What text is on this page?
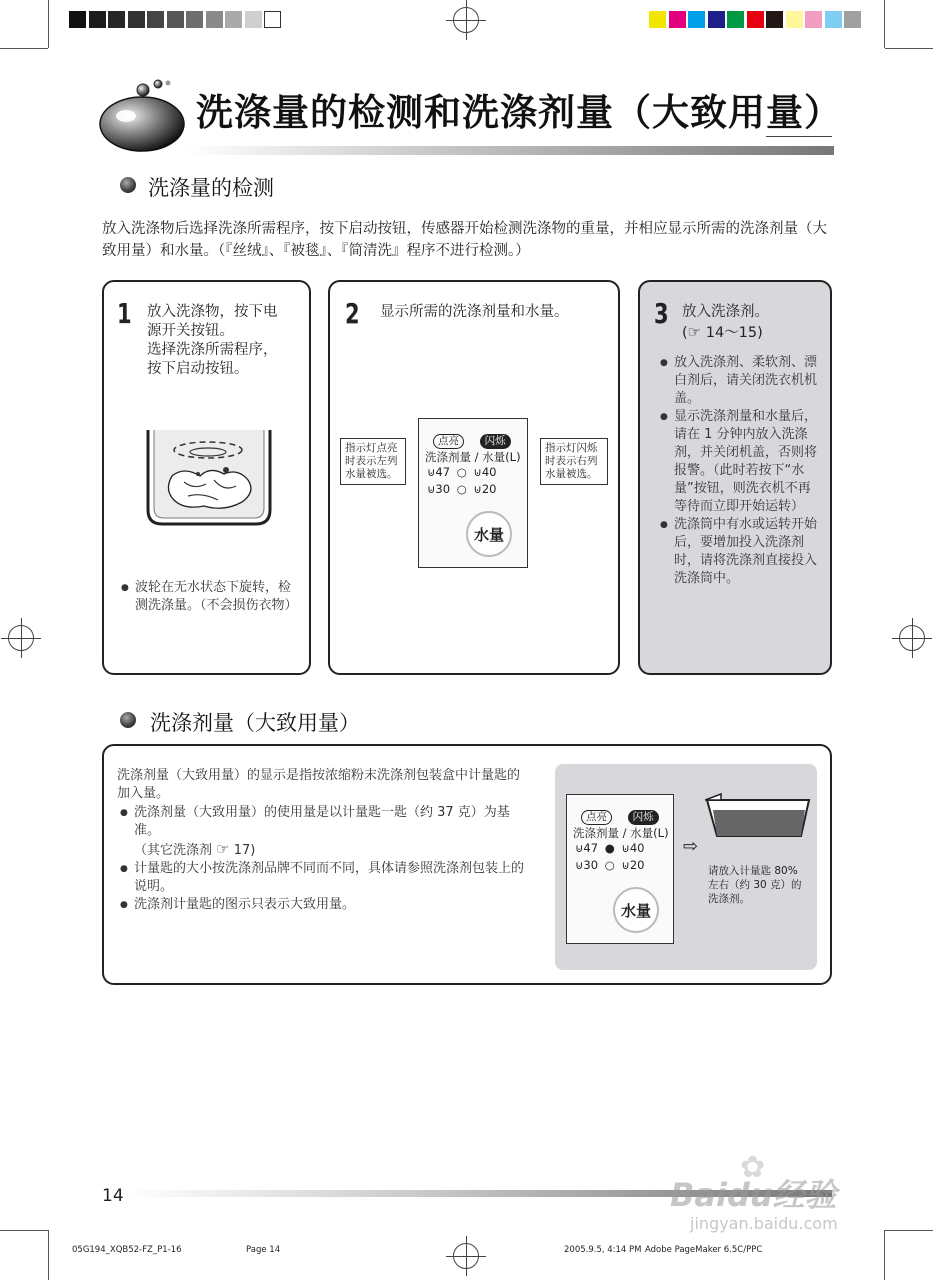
洗涤量的检测和洗涤剂量（大致用量）
洗涤量的检测
放入洗涤物后选择洗涤所需程序，按下启动按钮，传感器开始检测洗涤物的重量，并相应显示所需的洗涤剂量（大致用量）和水量。（『丝绒』、『被毯』、『简清洗』程序不进行检测。）
1 放入洗涤物，按下电
源开关按钮。
选择洗涤所需程序，
按下启动按钮。
● 波轮在无水状态下旋转，检测洗涤量。（不会损伤衣物）
2 显示所需的洗涤剂量和水量。
指示灯点亮
时表示左列
水量被选。
指示灯闪烁
时表示右列
水量被选。
点亮 闪烁
洗涤剂量 / 水量(L)
⊍47 ○ ⊍40
⊍30 ○ ⊍20
水量
3 放入洗涤剂。
(☞ 14～15)
● 放入洗涤剂、柔软剂、漂白剂后，请关闭洗衣机机盖。
● 显示洗涤剂量和水量后，请在 1 分钟内放入洗涤剂，并关闭机盖，否则将报警。（此时若按下“水量”按钮，则洗衣机不再等待而立即开始运转）
● 洗涤筒中有水或运转开始后，要增加投入洗涤剂时，请将洗涤剂直接投入洗涤筒中。
洗涤剂量（大致用量）
洗涤剂量（大致用量）的显示是指按浓缩粉末洗涤剂包装盒中计量匙的加入量。
● 洗涤剂量（大致用量）的使用量是以计量匙一匙（约 37 克）为基准。
（其它洗涤剂 ☞ 17)
● 计量匙的大小按洗涤剂品牌不同而不同，具体请参照洗涤剂包装上的说明。
● 洗涤剂计量匙的图示只表示大致用量。
点亮 闪烁
洗涤剂量 / 水量(L)
⊍47 ● ⊍40
⊍30 ○ ⊍20
水量
⇨
请放入计量匙 80%
左右（约 30 克）的
洗涤剂。
14
✿
Baidu经验
jingyan.baidu.com
05G194_XQB52-FZ_P1-16	Page 14	2005.9.5, 4:14 PM Adobe PageMaker 6.5C/PPC
